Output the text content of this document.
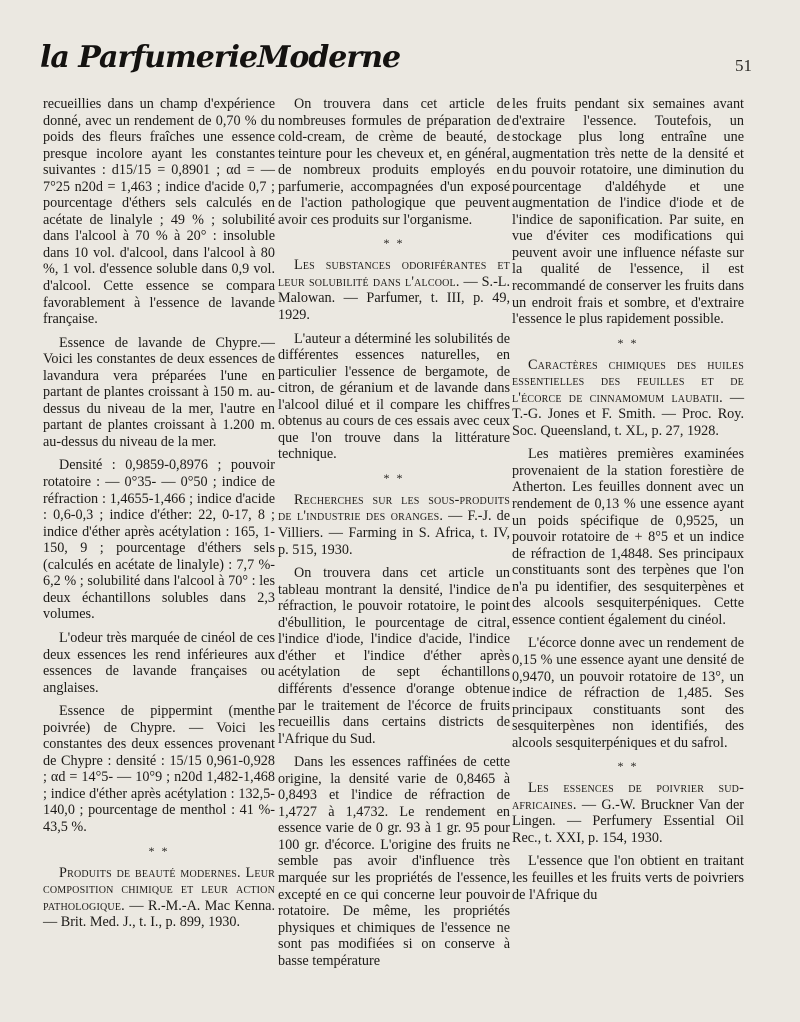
la ParfumerieModerne	51

recueillies dans un champ d'expérience donné, avec un rendement de 0,70 % du poids des fleurs fraîches une essence presque incolore ayant les constantes suivantes : d15/15 = 0,8901 ; αd = — 7°25 n20d = 1,463 ; indice d'acide 0,7 ; pourcentage d'éthers sels calculés en acétate de linalyle ; 49 % ; solubilité dans l'alcool à 70 % à 20° : insoluble dans 10 vol. d'alcool, dans l'alcool à 80 %, 1 vol. d'essence soluble dans 0,9 vol. d'alcool. Cette essence se compara favorablement à l'essence de lavande française.

Essence de lavande de Chypre.— Voici les constantes de deux essences de lavandura vera préparées l'une en partant de plantes croissant à 150 m. au-dessus du niveau de la mer, l'autre en partant de plantes croissant à 1.200 m. au-dessus du niveau de la mer.

Densité : 0,9859-0,8976 ; pouvoir rotatoire : — 0°35- — 0°50 ; indice de réfraction : 1,4655-1,466 ; indice d'acide : 0,6-0,3 ; indice d'éther: 22, 0-17, 8 ; indice d'éther après acétylation : 165, 1-150, 9 ; pourcentage d'éthers sels (calculés en acétate de linalyle) : 7,7 %- 6,2 % ; solubilité dans l'alcool à 70° : les deux échantillons solubles dans 2,3 volumes.

L'odeur très marquée de cinéol de ces deux essences les rend inférieures aux essences de lavande françaises ou anglaises.

Essence de pippermint (menthe poivrée) de Chypre. — Voici les constantes des deux essences provenant de Chypre : densité : 15/15 0,961-0,928 ; αd = 14°5- — 10°9 ; n20d 1,482-1,468 ; indice d'éther après acétylation : 132,5-140,0 ; pourcentage de menthol : 41 %- 43,5 %.

* *

Produits de beauté modernes. Leur composition chimique et leur action pathologique. — R.-M.-A. Mac Kenna. — Brit. Med. J., t. I., p. 899, 1930.

On trouvera dans cet article de nombreuses formules de préparation de cold-cream, de crème de beauté, de teinture pour les cheveux et, en général, de nombreux produits employés en parfumerie, accompagnées d'un exposé de l'action pathologique que peuvent avoir ces produits sur l'organisme.

* *

Les substances odoriférantes et leur solubilité dans l'alcool. — S.-L. Malowan. — Parfumer, t. III, p. 49, 1929.

L'auteur a déterminé les solubilités de différentes essences naturelles, en particulier l'essence de bergamote, de citron, de géranium et de lavande dans l'alcool dilué et il compare les chiffres obtenus au cours de ces essais avec ceux que l'on trouve dans la littérature technique.

* *

Recherches sur les sous-produits de l'industrie des oranges. — F.-J. de Villiers. — Farming in S. Africa, t. IV, p. 515, 1930.

On trouvera dans cet article un tableau montrant la densité, l'indice de réfraction, le pouvoir rotatoire, le point d'ébullition, le pourcentage de citral, l'indice d'iode, l'indice d'acide, l'indice d'éther et l'indice d'éther après acétylation de sept échantillons différents d'essence d'orange obtenue par le traitement de l'écorce de fruits recueillis dans certains districts de l'Afrique du Sud.

Dans les essences raffinées de cette origine, la densité varie de 0,8465 à 0,8493 et l'indice de réfraction de 1,4727 à 1,4732. Le rendement en essence varie de 0 gr. 93 à 1 gr. 95 pour 100 gr. d'écorce. L'origine des fruits ne semble pas avoir d'influence très marquée sur les propriétés de l'essence, excepté en ce qui concerne leur pouvoir rotatoire. De même, les propriétés physiques et chimiques de l'essence ne sont pas modifiées si on conserve à basse température

les fruits pendant six semaines avant d'extraire l'essence. Toutefois, un stockage plus long entraîne une augmentation très nette de la densité et du pouvoir rotatoire, une diminution du pourcentage d'aldéhyde et une augmentation de l'indice d'iode et de l'indice de saponification. Par suite, en vue d'éviter ces modifications qui peuvent avoir une influence néfaste sur la qualité de l'essence, il est recommandé de conserver les fruits dans un endroit frais et sombre, et d'extraire l'essence le plus rapidement possible.

* *

Caractères chimiques des huiles essentielles des feuilles et de l'écorce de cinnamomum laubatii. — T.-G. Jones et F. Smith. — Proc. Roy. Soc. Queensland, t. XL, p. 27, 1928.

Les matières premières examinées provenaient de la station forestière de Atherton. Les feuilles donnent avec un rendement de 0,13 % une essence ayant un poids spécifique de 0,9525, un pouvoir rotatoire de + 8°5 et un indice de réfraction de 1,4848. Ses principaux constituants sont des terpènes que l'on n'a pu identifier, des sesquiterpènes et des alcools sesquiterpéniques. Cette essence contient également du cinéol.

L'écorce donne avec un rendement de 0,15 % une essence ayant une densité de 0,9470, un pouvoir rotatoire de 13°, un indice de réfraction de 1,485. Ses principaux constituants sont des sesquiterpènes non identifiés, des alcools sesquiterpéniques et du safrol.

* *

Les essences de poivrier sud-africaines. — G.-W. Bruckner Van der Lingen. — Perfumery Essential Oil Rec., t. XXI, p. 154, 1930.

L'essence que l'on obtient en traitant les feuilles et les fruits verts de poivriers de l'Afrique du
